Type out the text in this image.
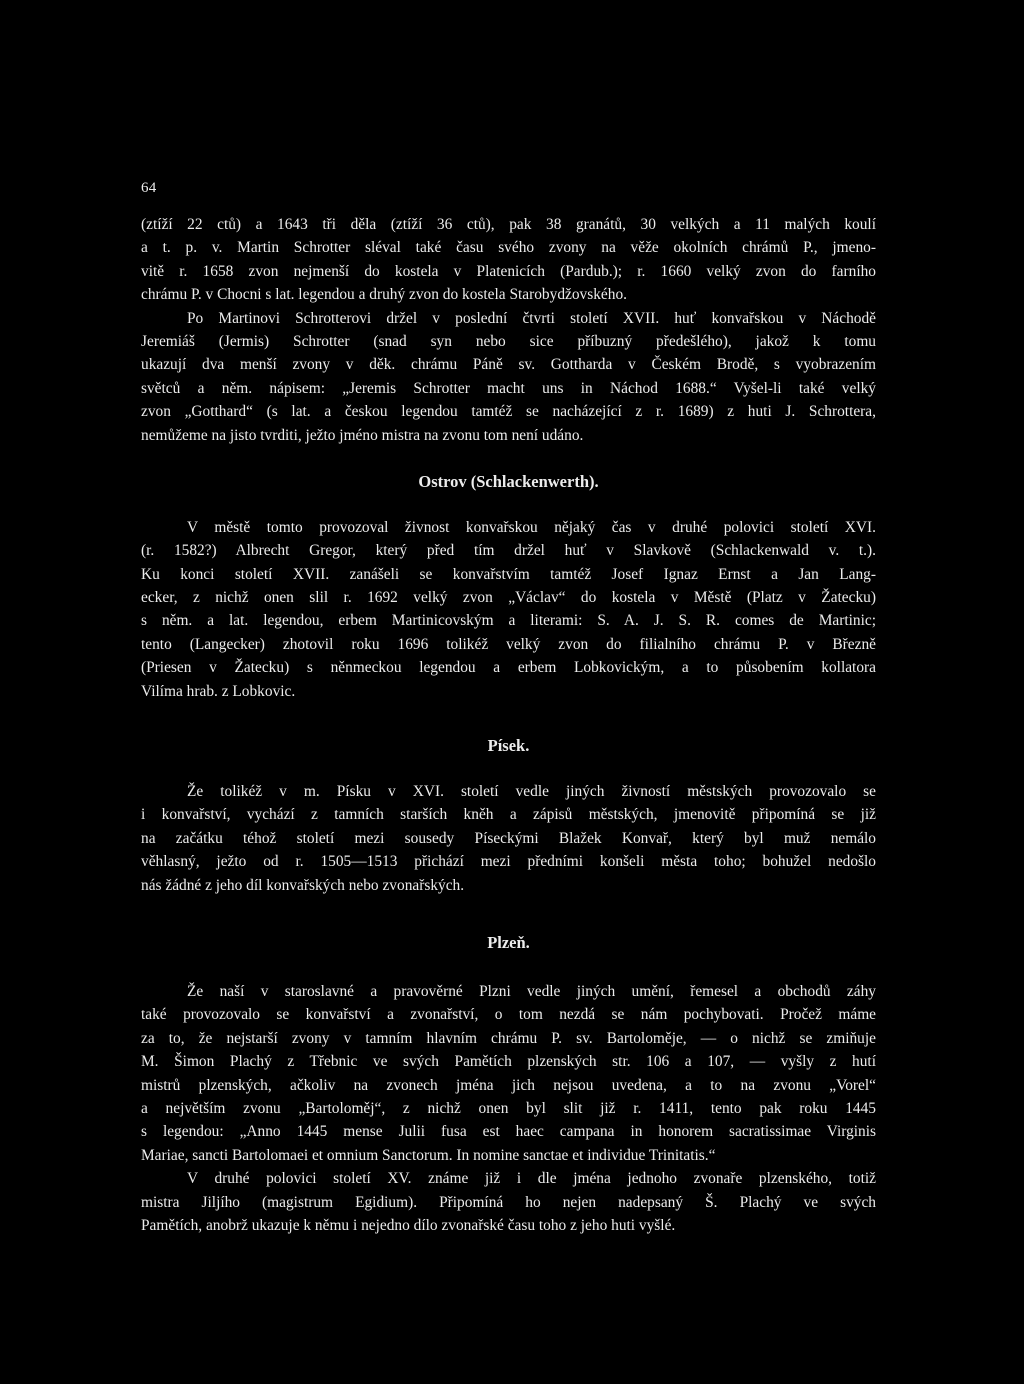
64
(ztíží 22 ctů) a 1643 tři děla (ztíží 36 ctů), pak 38 granátů, 30 velkých a 11 malých koulí
a t. p. v. Martin Schrotter sléval také času svého zvony na věže okolních chrámů P., jmeno-
vitě r. 1658 zvon nejmenší do kostela v Platenicích (Pardub.); r. 1660 velký zvon do farního
chrámu P. v Chocni s lat. legendou a druhý zvon do kostela Starobydžovského.
Po Martinovi Schrotterovi držel v poslední čtvrti století XVII. huť konvařskou v Náchodě
Jeremiáš (Jermis) Schrotter (snad syn nebo sice příbuzný předešlého), jakož k tomu
ukazují dva menší zvony v děk. chrámu Páně sv. Gottharda v Českém Brodě, s vyobrazením
světců a něm. nápisem: „Jeremis Schrotter macht uns in Náchod 1688.“ Vyšel-li také velký
zvon „Gotthard“ (s lat. a českou legendou tamtéž se nacházející z r. 1689) z huti J. Schrottera,
nemůžeme na jisto tvrditi, ježto jméno mistra na zvonu tom není udáno.
Ostrov (Schlackenwerth).
V městě tomto provozoval živnost konvařskou nějaký čas v druhé polovici století XVI.
(r. 1582?) Albrecht Gregor, který před tím držel huť v Slavkově (Schlackenwald v. t.).
Ku konci století XVII. zanášeli se konvařstvím tamtéž Josef Ignaz Ernst a Jan Lang-
ecker, z nichž onen slil r. 1692 velký zvon „Václav“ do kostela v Městě (Platz v Žatecku)
s něm. a lat. legendou, erbem Martinicovským a literami: S. A. J. S. R. comes de Martinic;
tento (Langecker) zhotovil roku 1696 tolikéž velký zvon do filialního chrámu P. v Březně
(Priesen v Žatecku) s něnmeckou legendou a erbem Lobkovickým, a to působením kollatora
Vilíma hrab. z Lobkovic.
Písek.
Že tolikéž v m. Písku v XVI. století vedle jiných živností městských provozovalo se
i konvařství, vychází z tamních starších kněh a zápisů městských, jmenovitě připomíná se již
na začátku téhož století mezi sousedy Píseckými Blažek Konvař, který byl muž nemálo
věhlasný, ježto od r. 1505—1513 přichází mezi předními konšeli města toho; bohužel nedošlo
nás žádné z jeho díl konvařských nebo zvonařských.
Plzeň.
Že naší v staroslavné a pravověrné Plzni vedle jiných umění, řemesel a obchodů záhy
také provozovalo se konvařství a zvonařství, o tom nezdá se nám pochybovati. Pročež máme
za to, že nejstarší zvony v tamním hlavním chrámu P. sv. Bartoloměje, — o nichž se zmiňuje
M. Šimon Plachý z Třebnic ve svých Pamětích plzenských str. 106 a 107, — vyšly z hutí
mistrů plzenských, ačkoliv na zvonech jména jich nejsou uvedena, a to na zvonu „Vorel“
a největším zvonu „Bartoloměj“, z nichž onen byl slit již r. 1411, tento pak roku 1445
s legendou: „Anno 1445 mense Julii fusa est haec campana in honorem sacratissimae Virginis
Mariae, sancti Bartolomaei et omnium Sanctorum. In nomine sanctae et individue Trinitatis.“
V druhé polovici století XV. známe již i dle jména jednoho zvonaře plzenského, totiž
mistra Jiljího (magistrum Egidium). Připomíná ho nejen nadepsaný Š. Plachý ve svých
Pamětích, anobrž ukazuje k němu i nejedno dílo zvonařské času toho z jeho huti vyšlé.
